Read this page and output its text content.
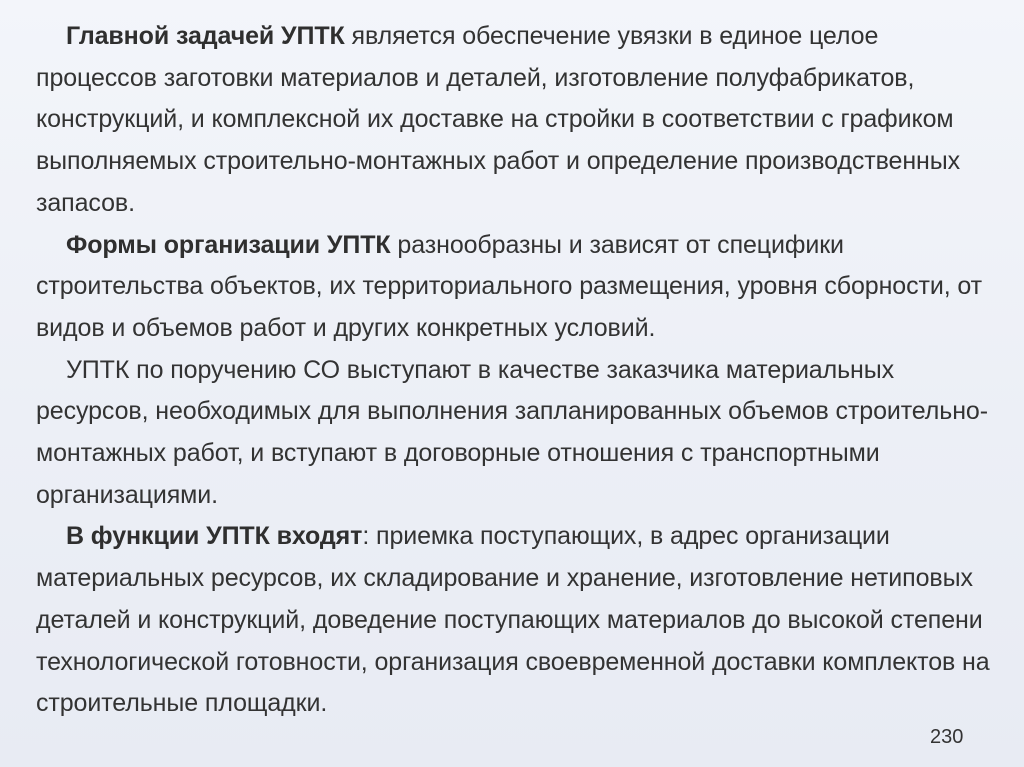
Главной задачей УПТК является обеспечение увязки в единое целое процессов заготовки материалов и деталей, изготовление полуфабрикатов, конструкций, и комплексной их доставке на стройки в соответствии с графиком выполняемых строительно-монтажных работ и определение производственных запасов.

Формы организации УПТК разнообразны и зависят от специфики строительства объектов, их территориального размещения, уровня сборности, от видов и объемов работ и других конкретных условий.

УПТК по поручению СО выступают в качестве заказчика материальных ресурсов, необходимых для выполнения запланированных объемов строительно-монтажных работ, и вступают в договорные отношения с транспортными организациями.

В функции УПТК входят: приемка поступающих, в адрес организации материальных ресурсов, их складирование и хранение, изготовление нетиповых деталей и конструкций, доведение поступающих материалов до высокой степени технологической готовности, организация своевременной доставки комплектов на строительные площадки.

230
